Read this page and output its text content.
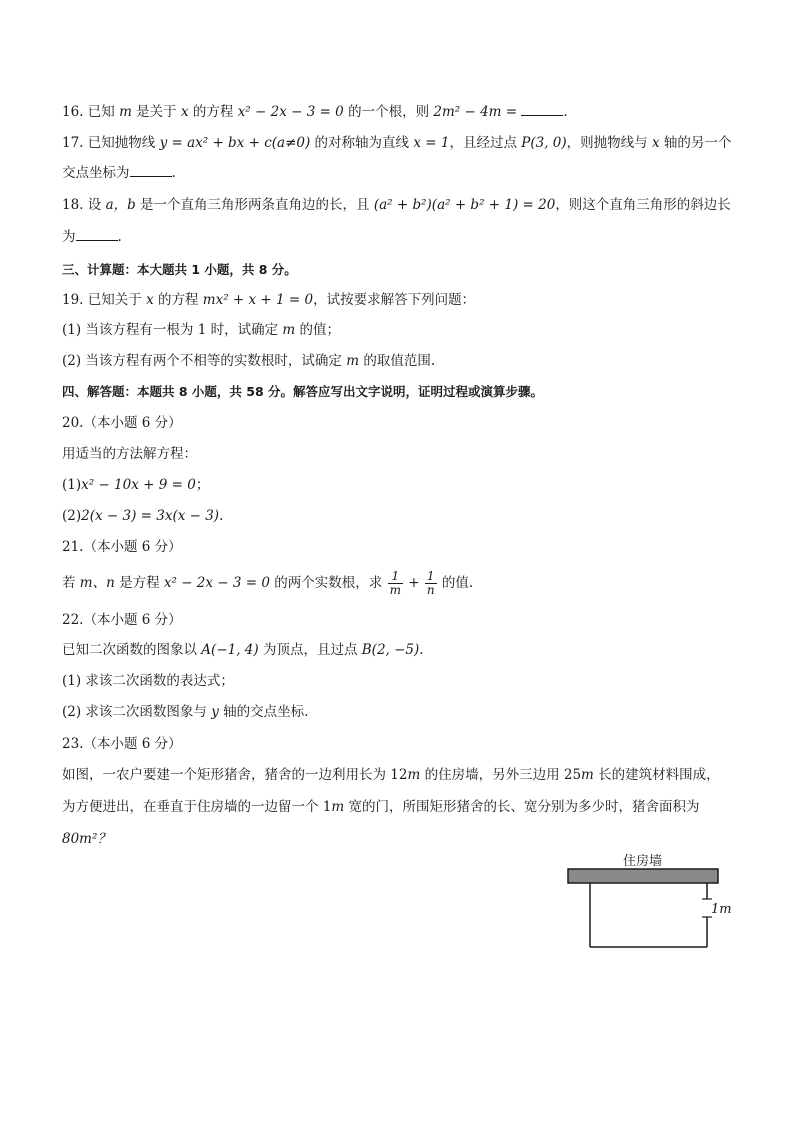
16. 已知 m 是关于 x 的方程 x² − 2x − 3 = 0 的一个根，则 2m² − 4m =	.
17. 已知抛物线 y = ax² + bx + c(a≠0) 的对称轴为直线 x = 1，且经过点 P(3, 0)，则抛物线与 x 轴的另一个
交点坐标为	.
18. 设 a，b 是一个直角三角形两条直角边的长，且 (a² + b²)(a² + b² + 1) = 20，则这个直角三角形的斜边长
为	.
三、计算题：本大题共 1 小题，共 8 分。
19. 已知关于 x 的方程 mx² + x + 1 = 0，试按要求解答下列问题：
(1) 当该方程有一根为 1 时，试确定 m 的值；
(2) 当该方程有两个不相等的实数根时，试确定 m 的取值范围.
四、解答题：本题共 8 小题，共 58 分。解答应写出文字说明，证明过程或演算步骤。
20.（本小题 6 分）
用适当的方法解方程：
(1)x² − 10x + 9 = 0；
(2)2(x − 3) = 3x(x − 3).
21.（本小题 6 分）
若 m、n 是方程 x² − 2x − 3 = 0 的两个实数根，求 $\frac{1}{m} + \frac{1}{n}$ 的值.
22.（本小题 6 分）
已知二次函数的图象以 A(−1, 4) 为顶点，且过点 B(2, −5).
(1) 求该二次函数的表达式；
(2) 求该二次函数图象与 y 轴的交点坐标.
23.（本小题 6 分）
如图，一农户要建一个矩形猪舍，猪舍的一边利用长为 12m 的住房墙，另外三边用 25m 长的建筑材料围成，
为方便进出，在垂直于住房墙的一边留一个 1m 宽的门，所围矩形猪舍的长、宽分别为多少时，猪舍面积为
80m²？
住房墙
1m
